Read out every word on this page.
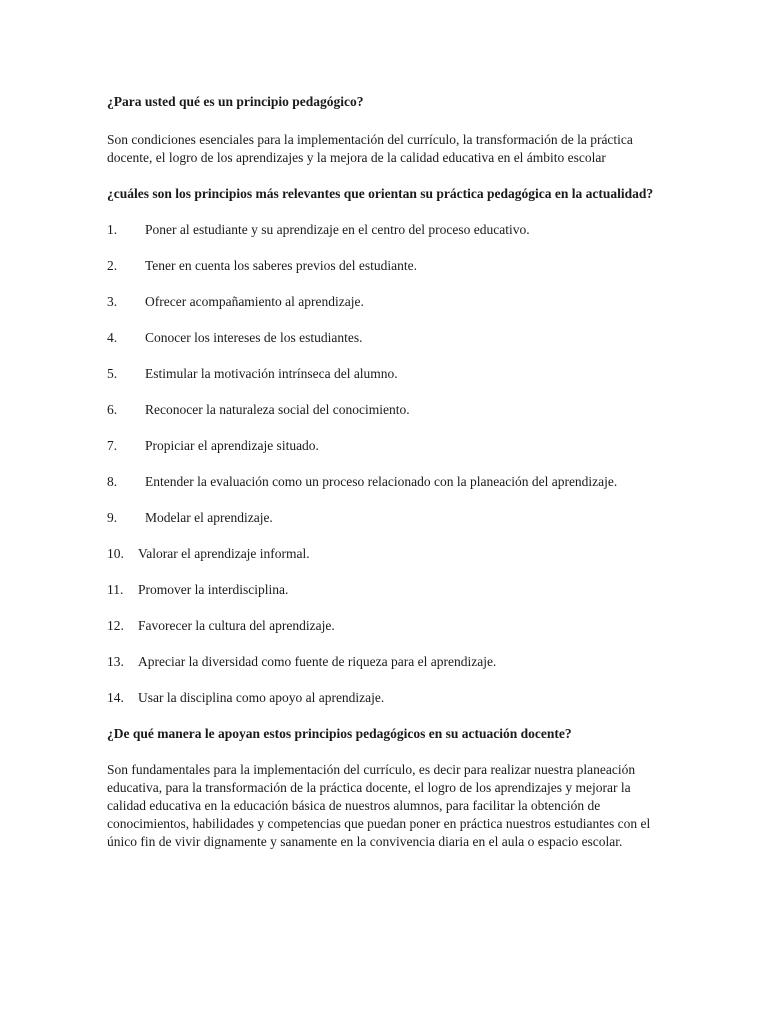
¿Para usted qué es un principio pedagógico?

Son condiciones esenciales para la implementación del currículo, la transformación de la práctica docente, el logro de los aprendizajes y la mejora de la calidad educativa en el ámbito escolar

¿cuáles son los principios más relevantes que orientan su práctica pedagógica en la actualidad?

1. Poner al estudiante y su aprendizaje en el centro del proceso educativo.
2. Tener en cuenta los saberes previos del estudiante.
3. Ofrecer acompañamiento al aprendizaje.
4. Conocer los intereses de los estudiantes.
5. Estimular la motivación intrínseca del alumno.
6. Reconocer la naturaleza social del conocimiento.
7. Propiciar el aprendizaje situado.
8. Entender la evaluación como un proceso relacionado con la planeación del aprendizaje.
9. Modelar el aprendizaje.
10. Valorar el aprendizaje informal.
11. Promover la interdisciplina.
12. Favorecer la cultura del aprendizaje.
13. Apreciar la diversidad como fuente de riqueza para el aprendizaje.
14. Usar la disciplina como apoyo al aprendizaje.

¿De qué manera le apoyan estos principios pedagógicos en su actuación docente?

Son fundamentales para la implementación del currículo, es decir para realizar nuestra planeación educativa, para la transformación de la práctica docente, el logro de los aprendizajes y mejorar la calidad educativa en la educación básica de nuestros alumnos, para facilitar la obtención de conocimientos, habilidades y competencias que puedan poner en práctica nuestros estudiantes con el único fin de vivir dignamente y sanamente en la convivencia diaria en el aula o espacio escolar.
